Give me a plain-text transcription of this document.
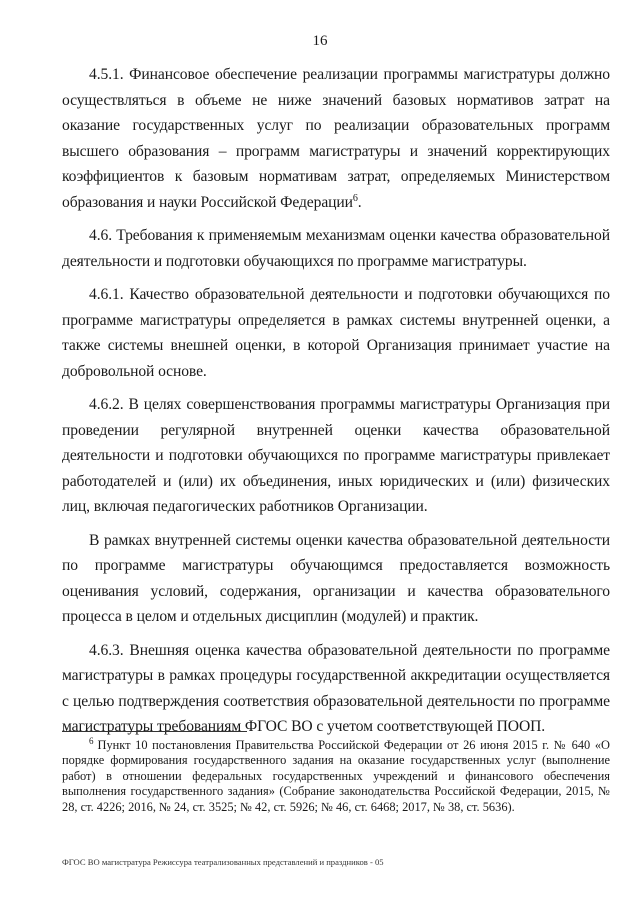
16

4.5.1. Финансовое обеспечение реализации программы магистратуры должно осуществляться в объеме не ниже значений базовых нормативов затрат на оказание государственных услуг по реализации образовательных программ высшего образования – программ магистратуры и значений корректирующих коэффициентов к базовым нормативам затрат, определяемых Министерством образования и науки Российской Федерации$^6$.

4.6. Требования к применяемым механизмам оценки качества образовательной деятельности и подготовки обучающихся по программе магистратуры.

4.6.1. Качество образовательной деятельности и подготовки обучающихся по программе магистратуры определяется в рамках системы внутренней оценки, а также системы внешней оценки, в которой Организация принимает участие на добровольной основе.

4.6.2. В целях совершенствования программы магистратуры Организация при проведении регулярной внутренней оценки качества образовательной деятельности и подготовки обучающихся по программе магистратуры привлекает работодателей и (или) их объединения, иных юридических и (или) физических лиц, включая педагогических работников Организации.

В рамках внутренней системы оценки качества образовательной деятельности по программе магистратуры обучающимся предоставляется возможность оценивания условий, содержания, организации и качества образовательного процесса в целом и отдельных дисциплин (модулей) и практик.

4.6.3. Внешняя оценка качества образовательной деятельности по программе магистратуры в рамках процедуры государственной аккредитации осуществляется с целью подтверждения соответствия образовательной деятельности по программе магистратуры требованиям ФГОС ВО с учетом соответствующей ПООП.

$^6$ Пункт 10 постановления Правительства Российской Федерации от 26 июня 2015 г. № 640 «О порядке формирования государственного задания на оказание государственных услуг (выполнение работ) в отношении федеральных государственных учреждений и финансового обеспечения выполнения государственного задания» (Собрание законодательства Российской Федерации, 2015, № 28, ст. 4226; 2016, № 24, ст. 3525; № 42, ст. 5926; № 46, ст. 6468; 2017, № 38, ст. 5636).

ФГОС ВО магистратура Режиссура театрализованных представлений и праздников - 05
